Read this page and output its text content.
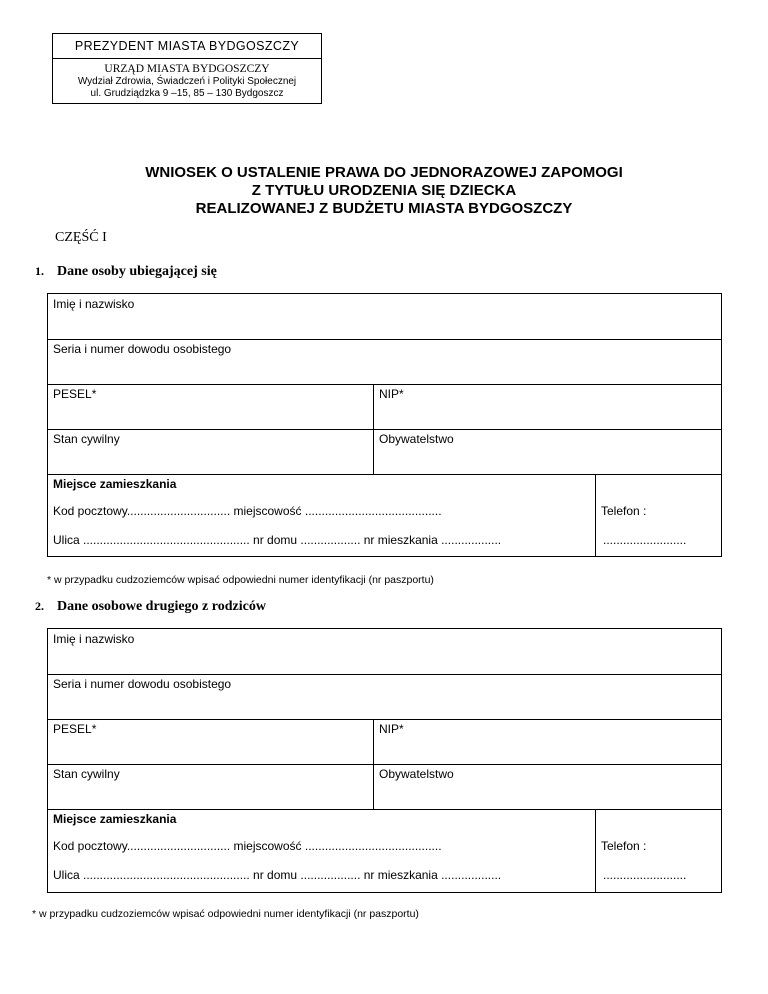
PREZYDENT MIASTA BYDGOSZCZY
URZĄD MIASTA BYDGOSZCZY
Wydział Zdrowia, Świadczeń i Polityki Społecznej
ul. Grudziądzka 9 –15, 85 – 130 Bydgoszcz
WNIOSEK O USTALENIE PRAWA DO JEDNORAZOWEJ ZAPOMOGI
Z TYTUŁU URODZENIA SIĘ DZIECKA
REALIZOWANEJ Z BUDŻETU MIASTA BYDGOSZCZY
CZĘŚĆ I
1. Dane osoby ubiegającej się
Imię i nazwisko
Seria i numer dowodu osobistego
PESEL*	NIP*
Stan cywilny	Obywatelstwo
Miejsce zamieszkania
Kod pocztowy............................... miejscowość .........................................	Telefon :
Ulica .................................................. nr domu .................. nr mieszkania ..................	.........................
* w przypadku cudzoziemców wpisać odpowiedni numer identyfikacji (nr paszportu)
2. Dane osobowe drugiego z rodziców
Imię i nazwisko
Seria i numer dowodu osobistego
PESEL*	NIP*
Stan cywilny	Obywatelstwo
Miejsce zamieszkania
Kod pocztowy............................... miejscowość .........................................	Telefon :
Ulica .................................................. nr domu .................. nr mieszkania ..................	.........................
* w przypadku cudzoziemców wpisać odpowiedni numer identyfikacji (nr paszportu)
